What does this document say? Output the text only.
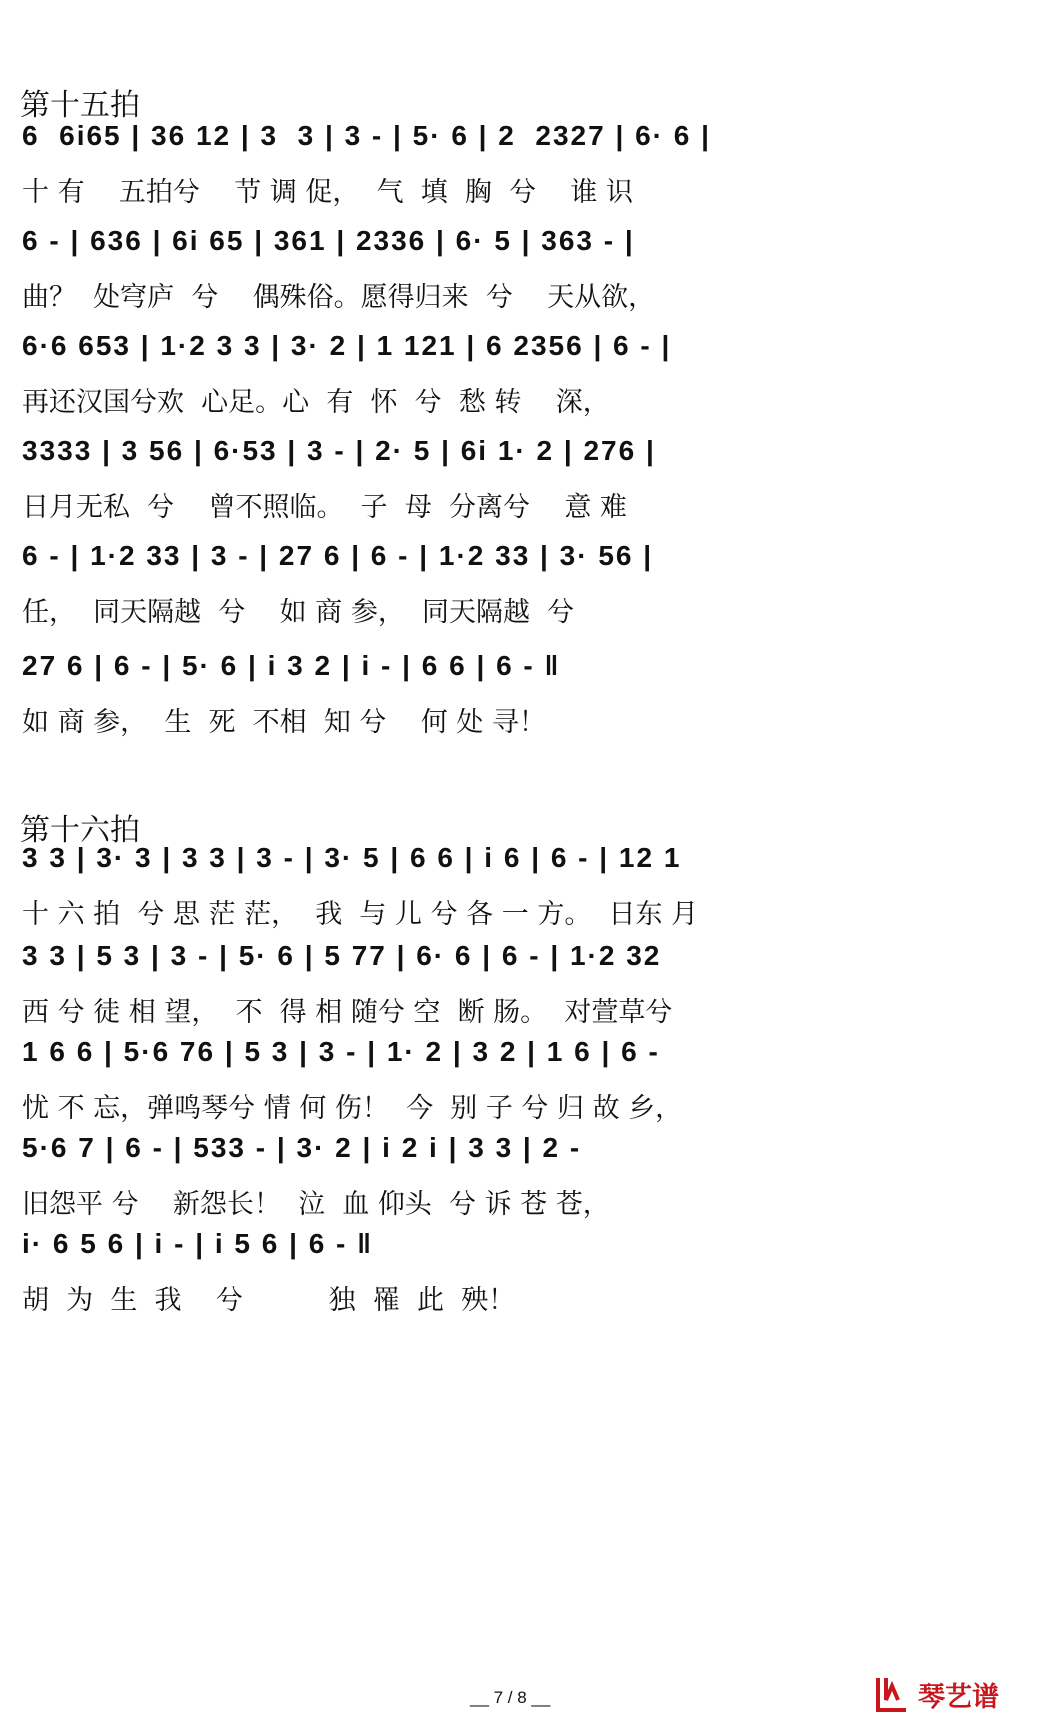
第十五拍
6  6i65 | 36 12 | 3  3 | 3 - | 5· 6 | 2  2327 | 6· 6 |
十 有    五拍兮    节 调 促，  气  填  胸  兮    谁 识
6 - | 636 | 6i 65 | 361 | 2336 | 6· 5 | 363 - |
曲？  处穹庐  兮    偶殊俗。愿得归来  兮    天从欲，
6·6 653 | 1·2 3 3 | 3· 2 | 1 121 | 6 2356 | 6 - |
再还汉国兮欢  心足。心  有  怀  兮  愁 转    深，
3333 | 3 56 | 6·53 | 3 - | 2· 5 | 6i 1· 2 | 276 |
日月无私  兮    曾不照临。  子  母  分离兮    意 难
6 - | 1·2 33 | 3 - | 27 6 | 6 - | 1·2 33 | 3· 56 |
任，  同天隔越  兮    如 商 参，  同天隔越  兮
27 6 | 6 - | 5· 6 | i 3 2 | i - | 6 6 | 6 - ‖
如 商 参，  生  死  不相  知 兮    何 处 寻！
第十六拍
3 3 | 3· 3 | 3 3 | 3 - | 3· 5 | 6 6 | i 6 | 6 - | 12 1
十 六 拍  兮 思 茫 茫，  我  与 儿 兮 各 一 方。  日东 月
3 3 | 5 3 | 3 - | 5· 6 | 5 77 | 6· 6 | 6 - | 1·2 32
西 兮 徒 相 望，  不  得 相 随兮 空  断 肠。  对萱草兮
1 6 6 | 5·6 76 | 5 3 | 3 - | 1· 2 | 3 2 | 1 6 | 6 -
忧 不 忘，弹鸣琴兮 情 何 伤！  今  别 子 兮 归 故 乡，
5·6 7 | 6 - | 533 - | 3· 2 | i 2 i | 3 3 | 2 -
旧怨平 兮    新怨长！  泣  血 仰头  兮 诉 苍 苍，
i· 6 5 6 | i - | i 5 6 | 6 - ‖
胡  为  生  我    兮          独  罹  此  殃！
__ 7 / 8 __	琴艺谱
